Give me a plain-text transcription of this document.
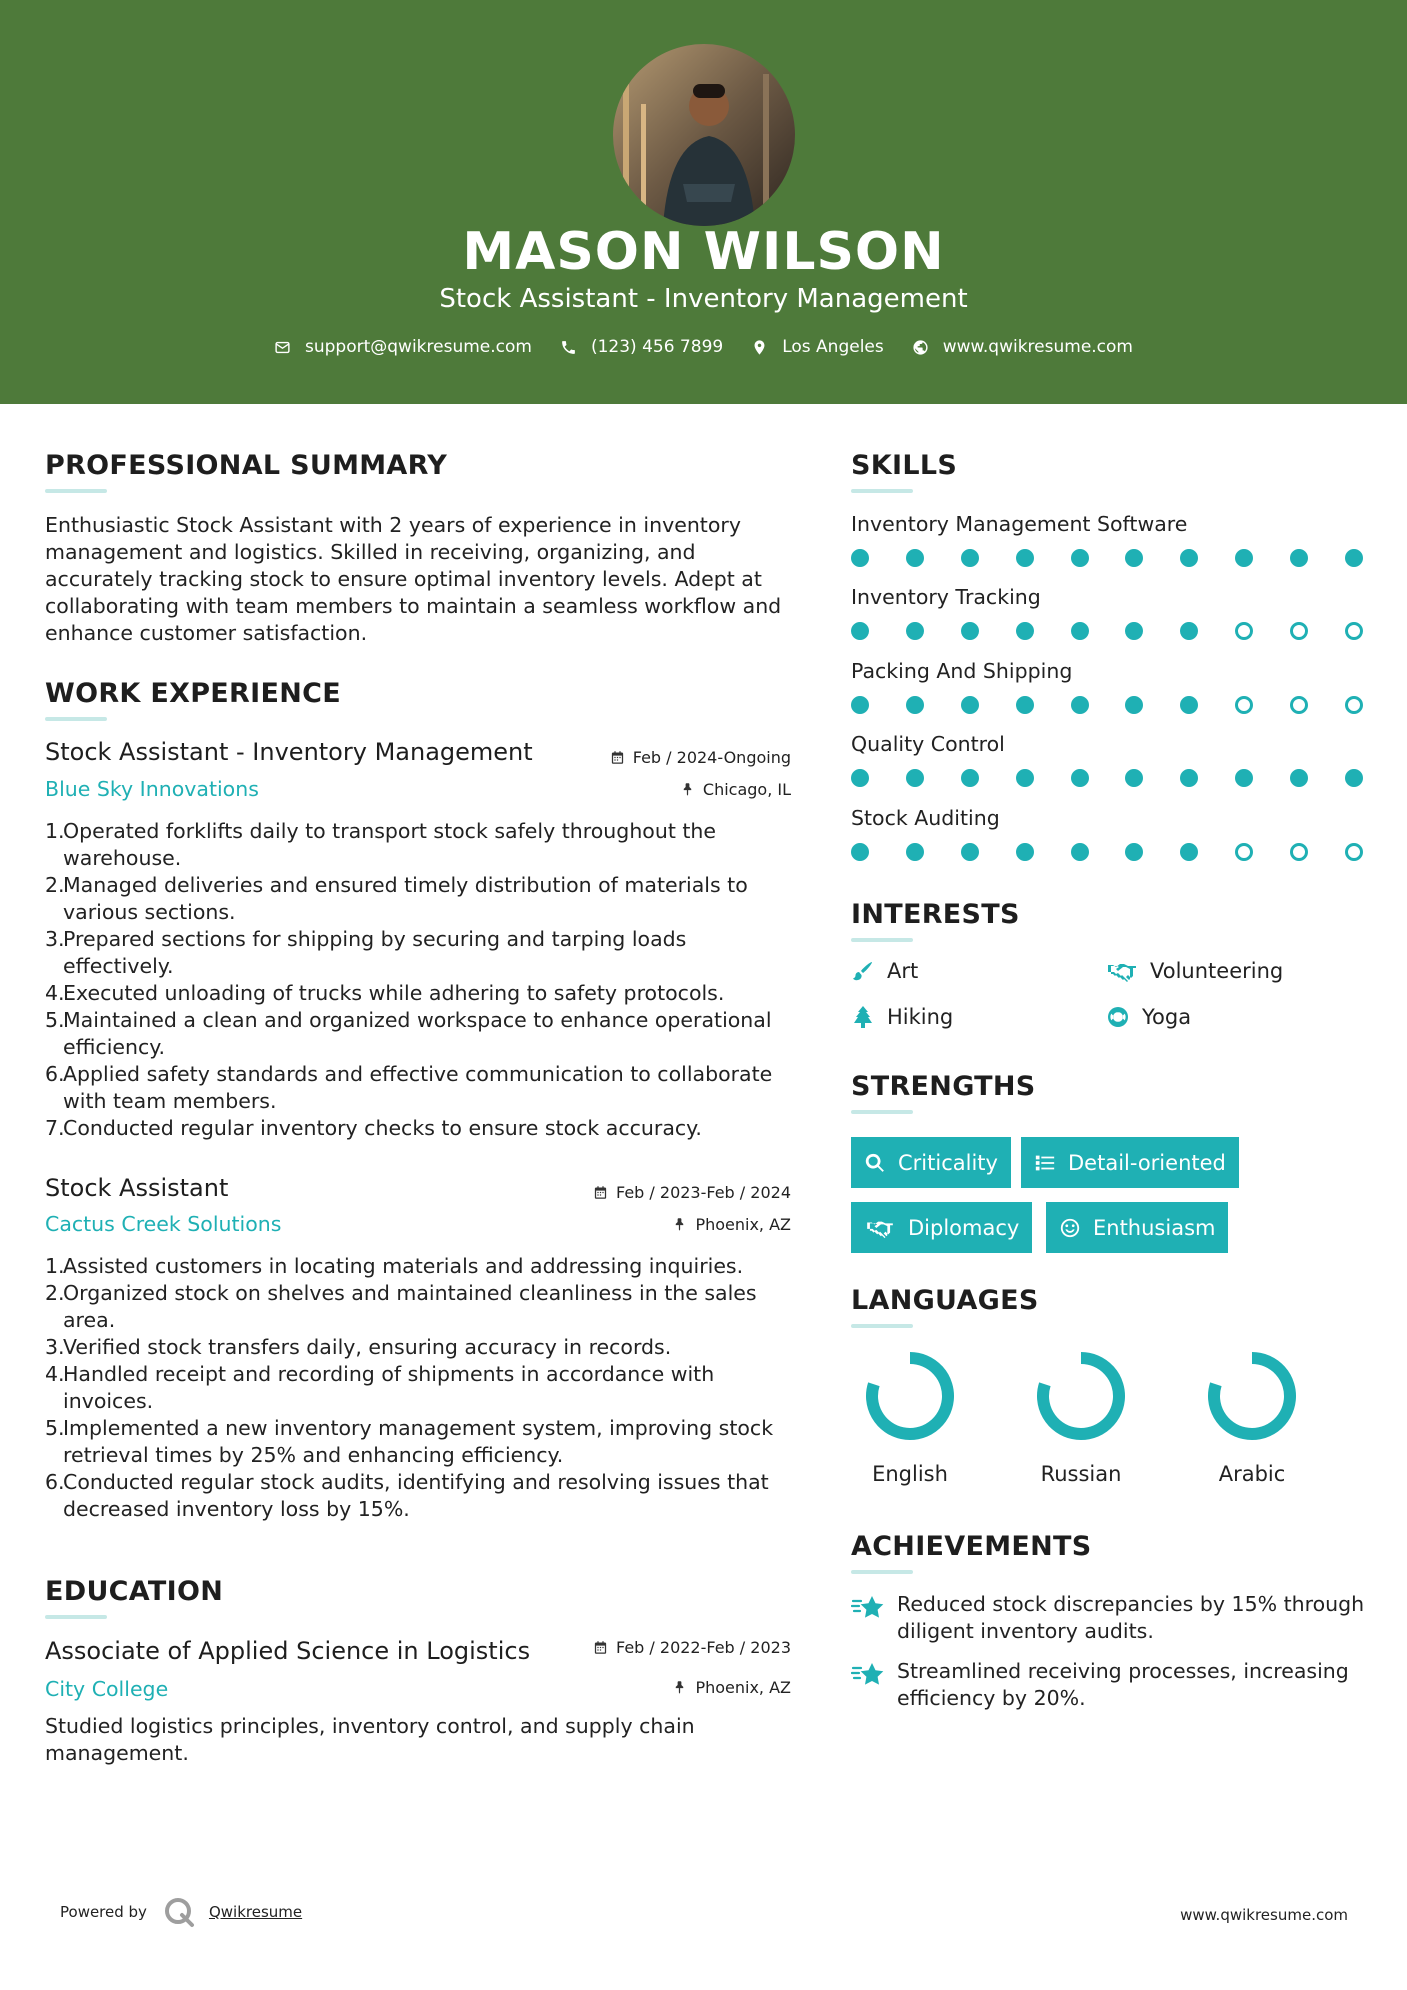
MASON WILSON
Stock Assistant - Inventory Management
support@qwikresume.com	(123) 456 7899	Los Angeles	www.qwikresume.com
PROFESSIONAL SUMMARY
Enthusiastic Stock Assistant with 2 years of experience in inventory management and logistics. Skilled in receiving, organizing, and accurately tracking stock to ensure optimal inventory levels. Adept at collaborating with team members to maintain a seamless workflow and enhance customer satisfaction.
WORK EXPERIENCE
Stock Assistant - Inventory Management	Feb / 2024-Ongoing
Blue Sky Innovations	Chicago, IL
1.
Operated forklifts daily to transport stock safely throughout the warehouse.
2.
Managed deliveries and ensured timely distribution of materials to various sections.
3.
Prepared sections for shipping by securing and tarping loads effectively.
4.
Executed unloading of trucks while adhering to safety protocols.
5.
Maintained a clean and organized workspace to enhance operational efficiency.
6.
Applied safety standards and effective communication to collaborate with team members.
7.
Conducted regular inventory checks to ensure stock accuracy.
Stock Assistant	Feb / 2023-Feb / 2024
Cactus Creek Solutions	Phoenix, AZ
1.
Assisted customers in locating materials and addressing inquiries.
2.
Organized stock on shelves and maintained cleanliness in the sales area.
3.
Verified stock transfers daily, ensuring accuracy in records.
4.
Handled receipt and recording of shipments in accordance with invoices.
5.
Implemented a new inventory management system, improving stock retrieval times by 25% and enhancing efficiency.
6.
Conducted regular stock audits, identifying and resolving issues that decreased inventory loss by 15%.
EDUCATION
Associate of Applied Science in Logistics	Feb / 2022-Feb / 2023
City College	Phoenix, AZ
Studied logistics principles, inventory control, and supply chain management.
SKILLS
Inventory Management Software
Inventory Tracking
Packing And Shipping
Quality Control
Stock Auditing
INTERESTS
Art	Volunteering
Hiking	Yoga
STRENGTHS
Criticality	Detail-oriented
Diplomacy	Enthusiasm
LANGUAGES
English	Russian	Arabic
ACHIEVEMENTS
Reduced stock discrepancies by 15% through diligent inventory audits.
Streamlined receiving processes, increasing efficiency by 20%.
Powered by	Qwikresume	www.qwikresume.com
